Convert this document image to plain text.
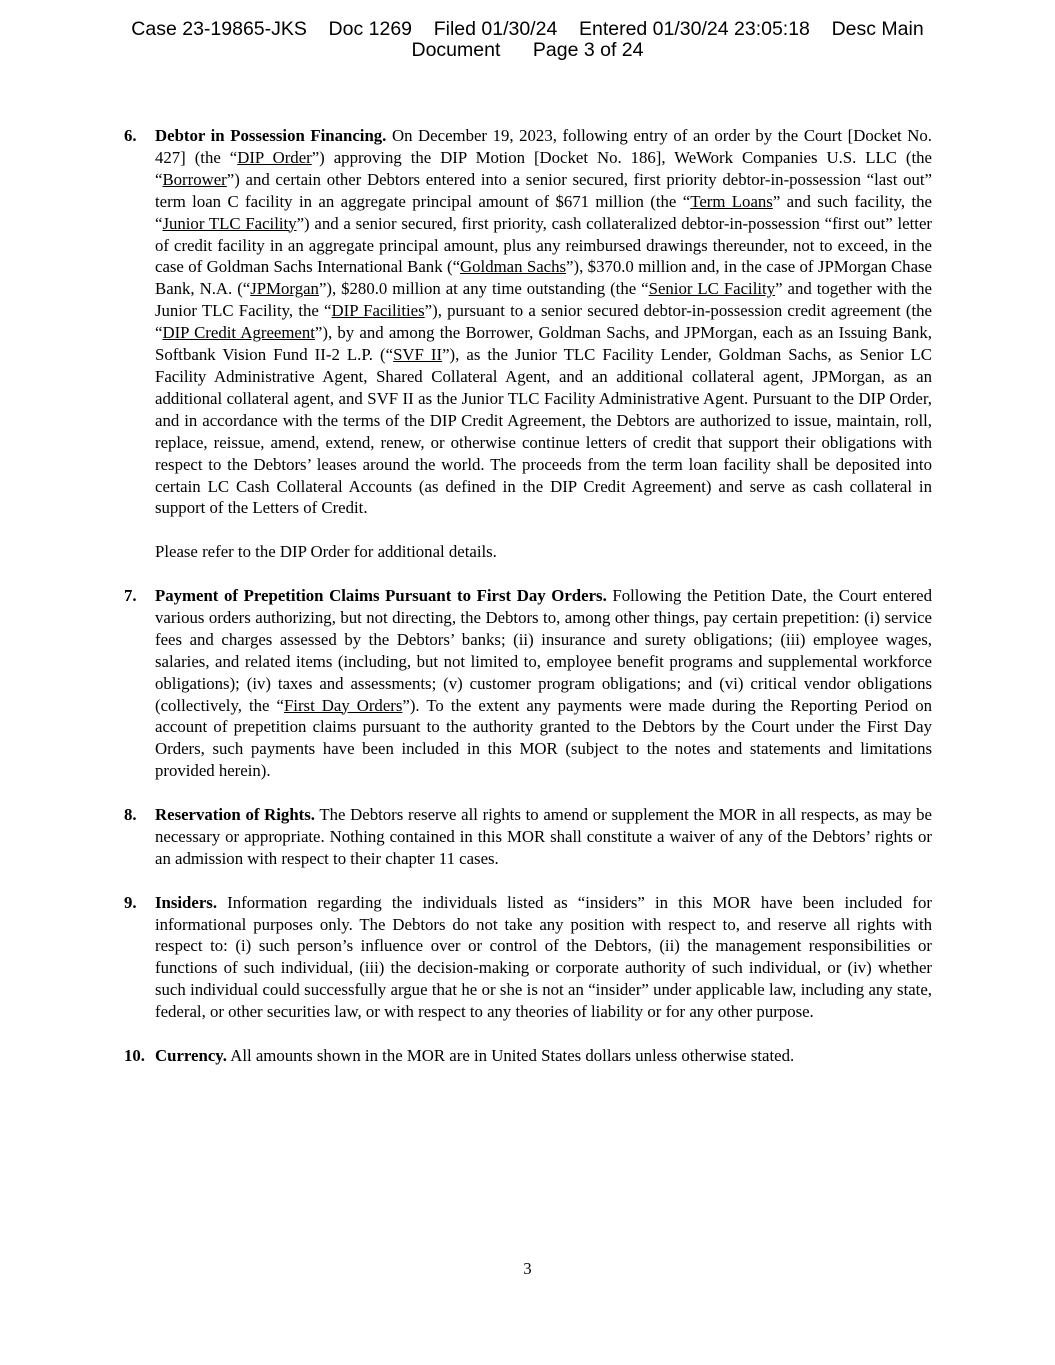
Case 23-19865-JKS    Doc 1269    Filed 01/30/24    Entered 01/30/24 23:05:18    Desc Main
Document      Page 3 of 24
6.	Debtor in Possession Financing. On December 19, 2023, following entry of an order by the Court [Docket No. 427] (the “DIP Order”) approving the DIP Motion [Docket No. 186], WeWork Companies U.S. LLC (the “Borrower”) and certain other Debtors entered into a senior secured, first priority debtor-in-possession “last out” term loan C facility in an aggregate principal amount of $671 million (the “Term Loans” and such facility, the “Junior TLC Facility”) and a senior secured, first priority, cash collateralized debtor-in-possession “first out” letter of credit facility in an aggregate principal amount, plus any reimbursed drawings thereunder, not to exceed, in the case of Goldman Sachs International Bank (“Goldman Sachs”), $370.0 million and, in the case of JPMorgan Chase Bank, N.A. (“JPMorgan”), $280.0 million at any time outstanding (the “Senior LC Facility” and together with the Junior TLC Facility, the “DIP Facilities”), pursuant to a senior secured debtor-in-possession credit agreement (the “DIP Credit Agreement”), by and among the Borrower, Goldman Sachs, and JPMorgan, each as an Issuing Bank, Softbank Vision Fund II-2 L.P. (“SVF II”), as the Junior TLC Facility Lender, Goldman Sachs, as Senior LC Facility Administrative Agent, Shared Collateral Agent, and an additional collateral agent, JPMorgan, as an additional collateral agent, and SVF II as the Junior TLC Facility Administrative Agent. Pursuant to the DIP Order, and in accordance with the terms of the DIP Credit Agreement, the Debtors are authorized to issue, maintain, roll, replace, reissue, amend, extend, renew, or otherwise continue letters of credit that support their obligations with respect to the Debtors’ leases around the world. The proceeds from the term loan facility shall be deposited into certain LC Cash Collateral Accounts (as defined in the DIP Credit Agreement) and serve as cash collateral in support of the Letters of Credit.
Please refer to the DIP Order for additional details.
7.	Payment of Prepetition Claims Pursuant to First Day Orders. Following the Petition Date, the Court entered various orders authorizing, but not directing, the Debtors to, among other things, pay certain prepetition: (i) service fees and charges assessed by the Debtors’ banks; (ii) insurance and surety obligations; (iii) employee wages, salaries, and related items (including, but not limited to, employee benefit programs and supplemental workforce obligations); (iv) taxes and assessments; (v) customer program obligations; and (vi) critical vendor obligations (collectively, the “First Day Orders”). To the extent any payments were made during the Reporting Period on account of prepetition claims pursuant to the authority granted to the Debtors by the Court under the First Day Orders, such payments have been included in this MOR (subject to the notes and statements and limitations provided herein).
8.	Reservation of Rights. The Debtors reserve all rights to amend or supplement the MOR in all respects, as may be necessary or appropriate. Nothing contained in this MOR shall constitute a waiver of any of the Debtors’ rights or an admission with respect to their chapter 11 cases.
9.	Insiders. Information regarding the individuals listed as “insiders” in this MOR have been included for informational purposes only. The Debtors do not take any position with respect to, and reserve all rights with respect to: (i) such person’s influence over or control of the Debtors, (ii) the management responsibilities or functions of such individual, (iii) the decision-making or corporate authority of such individual, or (iv) whether such individual could successfully argue that he or she is not an “insider” under applicable law, including any state, federal, or other securities law, or with respect to any theories of liability or for any other purpose.
10. Currency. All amounts shown in the MOR are in United States dollars unless otherwise stated.
3
